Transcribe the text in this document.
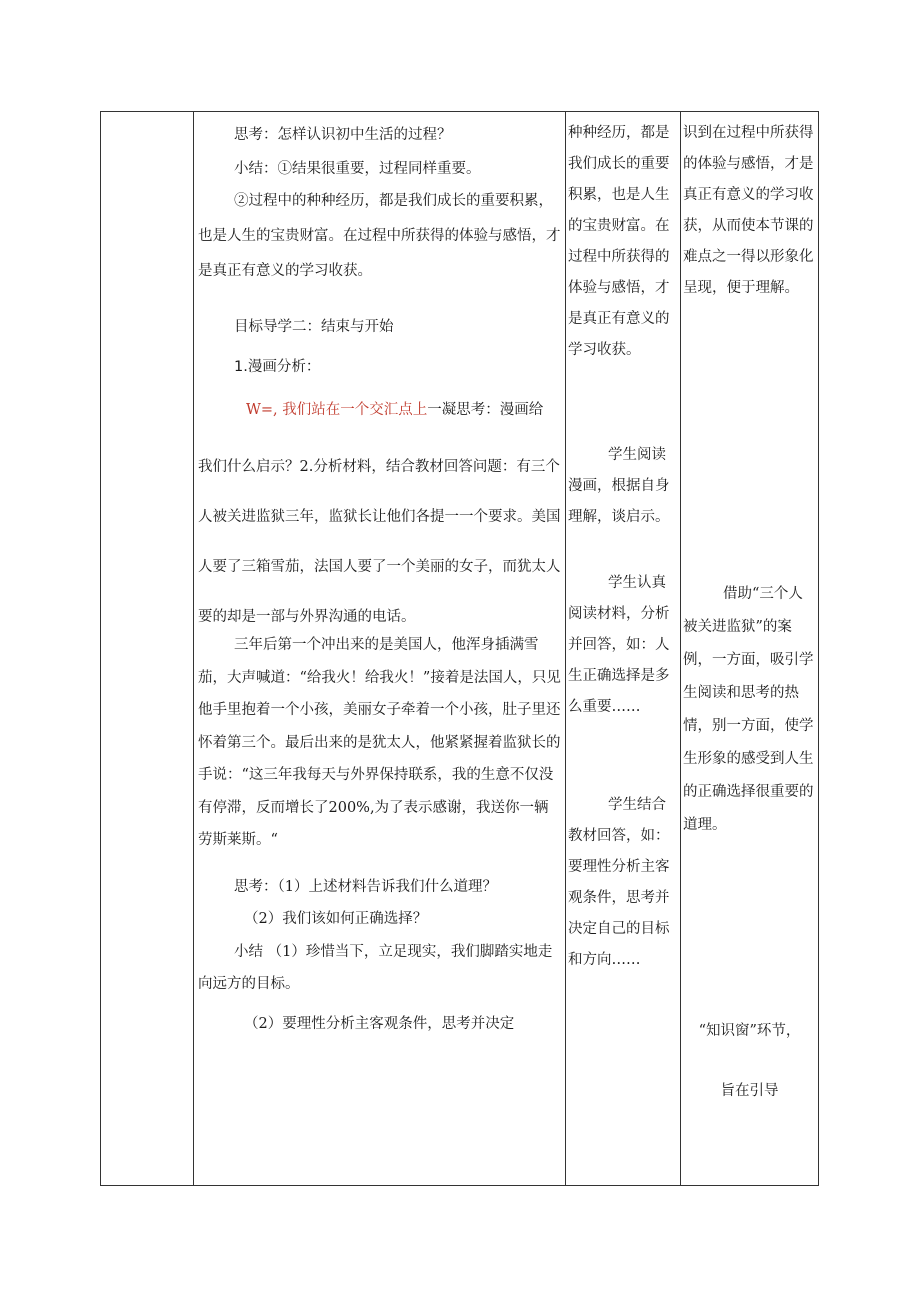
思考：怎样认识初中生活的过程？

小结：①结果很重要，过程同样重要。

②过程中的种种经历，都是我们成长的重要积累，也是人生的宝贵财富。在过程中所获得的体验与感悟，才是真正有意义的学习收获。

目标导学二：结束与开始

1.漫画分析：

W=, 我们站在一个交汇点上一凝思考：漫画给

我们什么启示？2.分析材料，结合教材回答问题：有三个人被关进监狱三年，监狱长让他们各提一一个要求。美国人要了三箱雪茄，法国人要了一个美丽的女子，而犹太人要的却是一部与外界沟通的电话。

三年后第一个冲出来的是美国人，他浑身插满雪茄，大声喊道：“给我火！给我火！”接着是法国人，只见他手里抱着一个小孩，美丽女子牵着一个小孩，肚子里还怀着第三个。最后出来的是犹太人，他紧紧握着监狱长的手说：“这三年我每天与外界保持联系，我的生意不仅没有停滞，反而增长了200%,为了表示感谢，我送你一辆劳斯莱斯。“

思考：（1）上述材料告诉我们什么道理？

（2）我们该如何正确选择？

小结 （1）珍惜当下，立足现实，我们脚踏实地走向远方的目标。

（2）要理性分析主客观条件，思考并决定

种种经历，都是我们成长的重要积累，也是人生的宝贵财富。在过程中所获得的体验与感悟，才是真正有意义的学习收获。

学生阅读漫画，根据自身理解，谈启示。

学生认真阅读材料，分析并回答，如：人生正确选择是多么重要……

学生结合教材回答，如：要理性分析主客观条件，思考并决定自己的目标和方向……

识到在过程中所获得的体验与感悟，才是真正有意义的学习收获，从而使本节课的难点之一得以形象化呈现，便于理解。

借助“三个人被关进监狱”的案例，一方面，吸引学生阅读和思考的热情，别一方面，使学生形象的感受到人生的正确选择很重要的道理。

“知识窗”环节，

旨在引导
